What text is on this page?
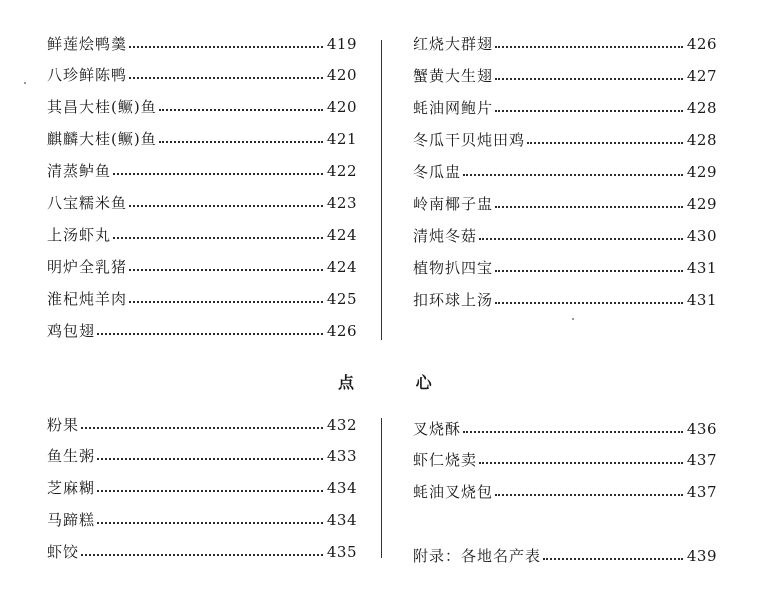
鲜莲烩鸭羹	419
八珍鲜陈鸭	420
其昌大桂(鳜)鱼	420
麒麟大桂(鳜)鱼	421
清蒸鲈鱼	422
八宝糯米鱼	423
上汤虾丸	424
明炉全乳猪	424
淮杞炖羊肉	425
鸡包翅	426
红烧大群翅	426
蟹黄大生翅	427
蚝油网鲍片	428
冬瓜干贝炖田鸡	428
冬瓜盅	429
岭南椰子盅	429
清炖冬菇	430
植物扒四宝	431
扣环球上汤	431
点 心
粉果	432
鱼生粥	433
芝麻糊	434
马蹄糕	434
虾饺	435
叉烧酥	436
虾仁烧卖	437
蚝油叉烧包	437
附录：各地名产表	439
